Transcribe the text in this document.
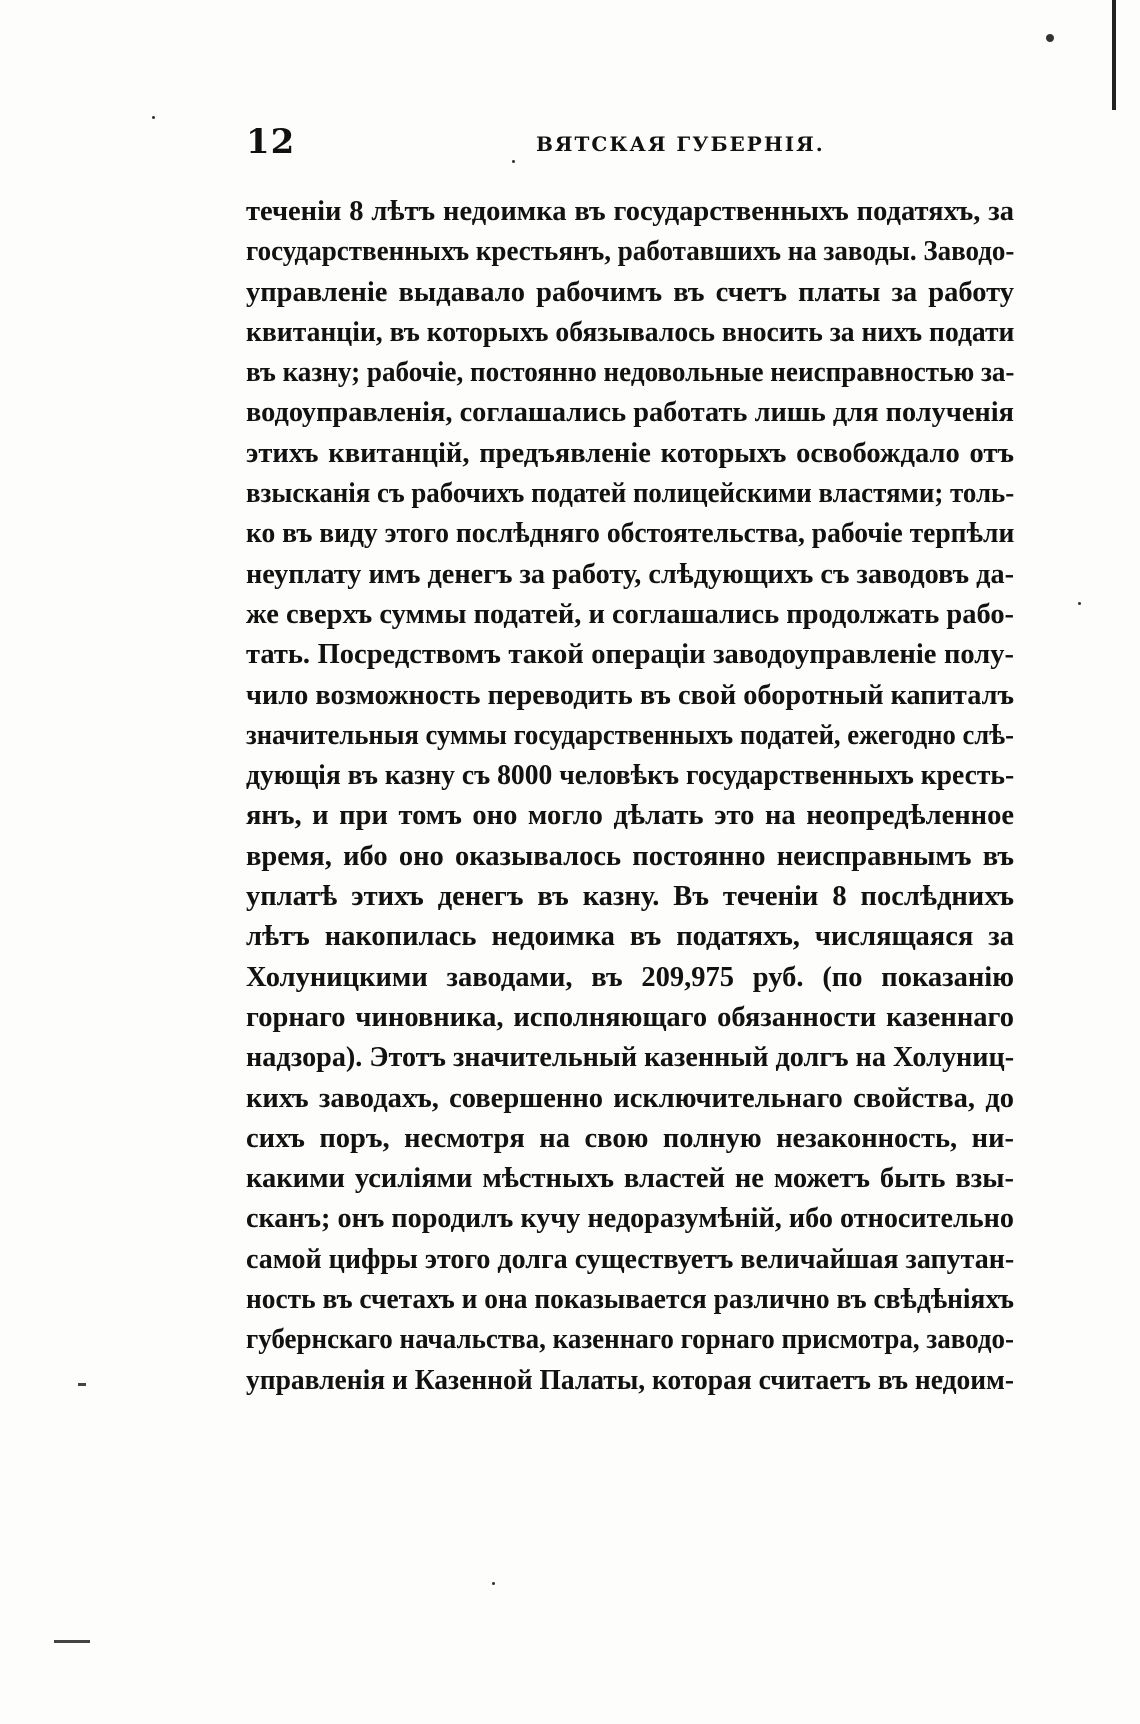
12	ВЯТСКАЯ ГУБЕРНІЯ.
теченіи 8 лѣтъ недоимка въ государственныхъ податяхъ, за
государственныхъ крестьянъ, работавшихъ на заводы. Заводо-
управленіе выдавало рабочимъ въ счетъ платы за работу
квитанціи, въ которыхъ обязывалось вносить за нихъ подати
въ казну; рабочіе, постоянно недовольные неисправностью за-
водоуправленія, соглашались работать лишь для полученія
этихъ квитанцій, предъявленіе которыхъ освобождало отъ
взысканія съ рабочихъ податей полицейскими властями; толь-
ко въ виду этого послѣдняго обстоятельства, рабочіе терпѣли
неуплату имъ денегъ за работу, слѣдующихъ съ заводовъ да-
же сверхъ суммы податей, и соглашались продолжать рабо-
тать. Посредствомъ такой операціи заводоуправленіе полу-
чило возможность переводить въ свой оборотный капиталъ
значительныя суммы государственныхъ податей, ежегодно слѣ-
дующія въ казну съ 8000 человѣкъ государственныхъ кресть-
янъ, и при томъ оно могло дѣлать это на неопредѣленное
время, ибо оно оказывалось постоянно неисправнымъ въ
уплатѣ этихъ денегъ въ казну. Въ теченіи 8 послѣднихъ
лѣтъ накопилась недоимка въ податяхъ, числящаяся за
Холуницкими заводами, въ 209,975 руб. (по показанію
горнаго чиновника, исполняющаго обязанности казеннаго
надзора). Этотъ значительный казенный долгъ на Холуниц-
кихъ заводахъ, совершенно исключительнаго свойства, до
сихъ поръ, несмотря на свою полную незаконность, ни-
какими усиліями мѣстныхъ властей не можетъ быть взы-
сканъ; онъ породилъ кучу недоразумѣній, ибо относительно
самой цифры этого долга существуетъ величайшая запутан-
ность въ счетахъ и она показывается различно въ свѣдѣніяхъ
губернскаго начальства, казеннаго горнаго присмотра, заводо-
управленія и Казенной Палаты, которая считаетъ въ недоим-
